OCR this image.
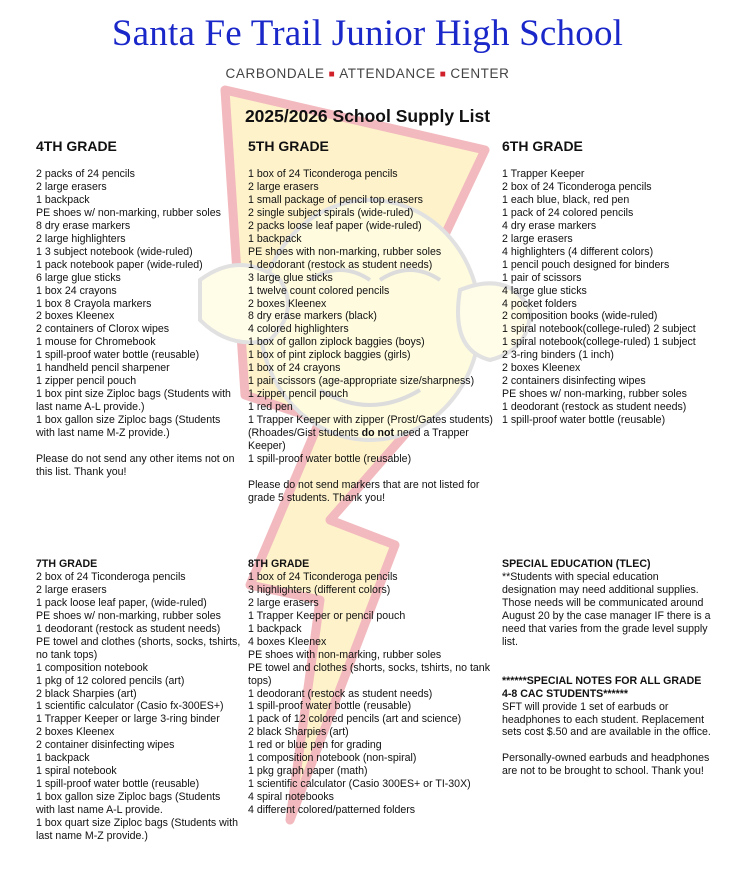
Santa Fe Trail Junior High School
CARBONDALE ■ ATTENDANCE ■ CENTER
2025/2026 School Supply List
4TH GRADE
2 packs of 24 pencils
2 large erasers
1 backpack
PE shoes w/ non-marking, rubber soles
8 dry erase markers
2 large highlighters
1 3 subject notebook (wide-ruled)
1 pack notebook paper (wide-ruled)
6 large glue sticks
1 box 24 crayons
1 box 8 Crayola markers
2 boxes Kleenex
2 containers of Clorox wipes
1 mouse for Chromebook
1 spill-proof water bottle (reusable)
1 handheld pencil sharpener
1 zipper pencil pouch
1 box pint size Ziploc bags (Students with last name A-L provide.)
1 box gallon size Ziploc bags (Students with last name M-Z provide.)
Please do not send any other items not on this list. Thank you!
5TH GRADE
1 box of 24 Ticonderoga pencils
2 large erasers
1 small package of pencil top erasers
2 single subject spirals (wide-ruled)
2 packs loose leaf paper (wide-ruled)
1 backpack
PE shoes with non-marking, rubber soles
1 deodorant (restock as student needs)
3 large glue sticks
1 twelve count colored pencils
2 boxes Kleenex
8 dry erase markers (black)
4 colored highlighters
1 box of gallon ziplock baggies (boys)
1 box of pint ziplock baggies (girls)
1 box of 24 crayons
1 pair scissors (age-appropriate size/sharpness)
1 zipper pencil pouch
1 red pen
1 Trapper Keeper with zipper (Prost/Gates students)
(Rhoades/Gist students do not need a Trapper Keeper)
1 spill-proof water bottle (reusable)
Please do not send markers that are not listed for grade 5 students. Thank you!
6TH GRADE
1 Trapper Keeper
2 box of 24 Ticonderoga pencils
1 each blue, black, red pen
1 pack of 24 colored pencils
4 dry erase markers
2 large erasers
4 highlighters (4 different colors)
1 pencil pouch designed for binders
1 pair of scissors
4 large glue sticks
4 pocket folders
2 composition books (wide-ruled)
1 spiral notebook(college-ruled) 2 subject
1 spiral notebook(college-ruled) 1 subject
2 3-ring binders (1 inch)
2 boxes Kleenex
2 containers disinfecting wipes
PE shoes w/ non-marking, rubber soles
1 deodorant (restock as student needs)
1 spill-proof water bottle (reusable)
7TH GRADE
2 box of 24 Ticonderoga pencils
2 large erasers
1 pack loose leaf paper, (wide-ruled)
PE shoes w/ non-marking, rubber soles
1 deodorant (restock as student needs)
PE towel and clothes (shorts, socks, tshirts, no tank tops)
1 composition notebook
1 pkg of 12 colored pencils (art)
2 black Sharpies (art)
1 scientific calculator (Casio fx-300ES+)
1 Trapper Keeper or large 3-ring binder
2 boxes Kleenex
2 container disinfecting wipes
1 backpack
1 spiral notebook
1 spill-proof water bottle (reusable)
1 box gallon size Ziploc bags (Students with last name A-L provide.
1 box quart size Ziploc bags (Students with last name M-Z provide.)
8TH GRADE
1 box of 24 Ticonderoga pencils
3 highlighters (different colors)
2 large erasers
1 Trapper Keeper or pencil pouch
1 backpack
4 boxes Kleenex
PE shoes with non-marking, rubber soles
PE towel and clothes (shorts, socks, tshirts, no tank tops)
1 deodorant (restock as student needs)
1 spill-proof water bottle (reusable)
1 pack of 12 colored pencils (art and science)
2 black Sharpies (art)
1 red or blue pen for grading
1 composition notebook (non-spiral)
1 pkg graph paper (math)
1 scientific calculator (Casio 300ES+ or TI-30X)
4 spiral notebooks
4 different colored/patterned folders
SPECIAL EDUCATION (TLEC)
**Students with special education designation may need additional supplies. Those needs will be communicated around August 20 by the case manager IF there is a need that varies from the grade level supply list.
******SPECIAL NOTES FOR ALL GRADE 4-8 CAC STUDENTS******
SFT will provide 1 set of earbuds or headphones to each student. Replacement sets cost $.50 and are available in the office.
Personally-owned earbuds and headphones are not to be brought to school. Thank you!
